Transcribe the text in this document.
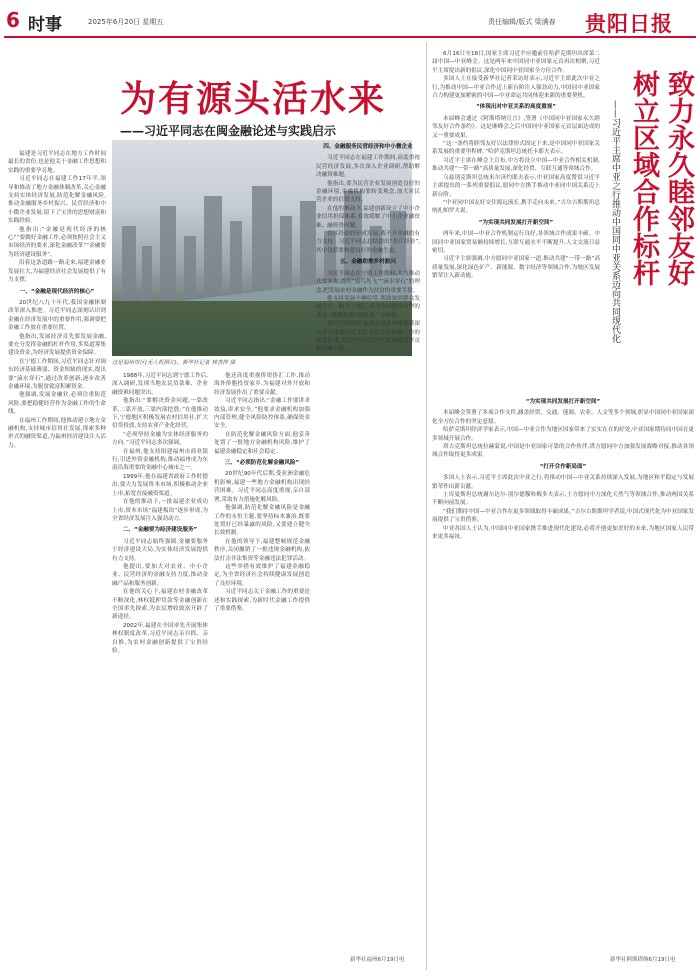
6 时事	2025年6月20日 星期五	责任编辑/版式 梁满春 贵阳日报
为有源头活水来
——习近平同志在闽金融论述与实践启示
这是福州市区(无人机照片)。新华社记者 林善传 摄

福建是习近平同志在地方工作时间最长的省份,也是他关于金融工作思想和实践的重要孕育地。

习近平同志在福建工作17年半,领导和推动了地方金融体制改革,关心金融支持实体经济发展,防范化解金融风险,推动金融服务乡村振兴、民营经济和中小微企业发展,留下了宝贵的思想财富和实践经验。

他指出:“金融是现代经济的核心”“要做好金融工作,必须按照社会主义市场经济的要求,深化金融改革”“金融要为经济建设服务”。

沿着这条道路一路走来,福建金融业发展壮大,为福建经济社会发展提供了有力支撑。

一、“金融是现代经济的核心”

20世纪八九十年代,我国金融体制改革深入推进。习近平同志深刻认识到金融在经济发展中的重要作用,强调要把金融工作放在重要位置。

他指出,发展经济首先要发展金融,要充分发挥金融的杠杆作用,多渠道筹集建设资金,为经济发展提供资金保障。

在宁德工作期间,习近平同志针对闽东经济基础薄弱、资金短缺的现实,提出要“滴水穿石”,通过改革创新,逐步改善金融环境,为脱贫致富积累资金。

他强调,发展金融业,必须注重防范风险,要把稳健经营作为金融工作的生命线。

在福州工作期间,他推动建立地方金融机构,支持城市信用社发展,探索多种形式的融资渠道,为福州经济建设注入活力。

1988年,习近平同志到宁德工作后,深入调研,发现当地农民贷款难、企业融资难问题突出。

他指出:“要解决资金问题,一靠改革,二靠开放,三靠内部挖潜。”在他推动下,宁德地区积极发展农村信用社,扩大信贷投放,支持农业产业化经营。

“必须坚持金融为实体经济服务的方向。”习近平同志多次强调。

在福州,他支持组建福州市商业银行,引进外资金融机构,推动福州成为东南沿海重要的金融中心城市之一。

1999年,他在福建省政府工作时提出,要大力发展资本市场,积极推动企业上市,拓宽直接融资渠道。

在他的推动下,一批福建企业成功上市,资本市场“福建板块”逐步形成,为全省经济发展注入强劲动力。

二、“金融要为经济建设服务”

习近平同志始终强调,金融要服务于经济建设大局,为实体经济发展提供有力支持。

他提出,要加大对农业、中小企业、民营经济的金融支持力度,推动金融产品和服务创新。

在他的关心下,福建农村金融改革不断深化,林权抵押贷款等金融创新在全国率先探索,为农民增收致富开辟了新途径。

2002年,福建在全国率先开展集体林权制度改革,习近平同志亲自抓、亲自推,为农村金融创新提供了宝贵经验。

他还高度重视侨资侨汇工作,推动海外侨胞投资家乡,为福建对外开放和经济发展作出了重要贡献。

习近平同志指出:“金融工作要讲求效益,讲求安全。”他要求金融机构加强内部管理,健全风险防控体系,确保资金安全。

在防范化解金融风险方面,他妥善处置了一批地方金融机构风险,维护了福建金融稳定和社会稳定。

三、“必须防范化解金融风险”

20世纪90年代后期,受亚洲金融危机影响,福建一些地方金融机构出现经营困难。习近平同志高度重视,亲自部署,采取有力措施化解风险。

他强调,防范化解金融风险是金融工作的永恒主题,要坚持标本兼治,既要处置好已经暴露的风险,又要建立健全长效机制。

在他的领导下,福建整顿规范金融秩序,关闭撤销了一批违规金融机构,依法打击非法集资等金融违法犯罪活动。

这些举措有效维护了福建金融稳定,为全省经济社会持续健康发展创造了良好环境。

习近平同志关于金融工作的重要论述和实践探索,为新时代金融工作提供了重要借鉴。

四、金融服务民营经济和中小微企业

习近平同志在福建工作期间,高度重视民营经济发展,多次深入企业调研,帮助解决融资难题。

他指出,要为民营企业发展创造良好的金融环境,金融机构要转变观念,加大对民营企业的信贷支持。

在他的推动下,福建创新设立了中小企业信用担保体系,有效缓解了中小企业融资难、融资贵问题。

晋江经验的形成发展,离不开金融的有力支持。习近平同志总结提出“晋江经验”,其中包括要构建良好的金融生态。

五、金融助推乡村振兴

习近平同志在宁德工作期间,大力推动扶贫开发,提出“弱鸟先飞”“滴水穿石”的理念,把发展农村金融作为扶贫的重要手段。

他支持发展小额信贷,帮助贫困群众发展生产。如今,宁德已成为全国脱贫攻坚的典范,“摆脱贫困”的故事广为传颂。

新时代新征程,福建金融系统将继续深入学习贯彻习近平总书记关于金融工作的重要论述,为谱写中国式现代化福建篇章贡献金融力量。

新华社福州6月19日电
致力永久睦邻友好
树立区域合作标杆
——习近平主席中亚之行推动中国同中亚关系迈向共同现代化

6月16日至18日,国家主席习近平应邀前往哈萨克斯坦出席第二届中国—中亚峰会。这是两年来中国同中亚国家元首再次相聚,习近平主席提出新的倡议,深化中国同中亚国家全方位合作。

多国人士在接受新华社记者采访时表示,习近平主席此次中亚之行,为推动中国—中亚合作迈上新台阶注入强劲动力,中国同中亚国家合力构建更加紧密的中国—中亚命运共同体迎来新的重要契机。

“体现出对中亚关系的高度重视”

本届峰会通过《阿斯塔纳宣言》,签署《中国同中亚国家永久睦邻友好合作条约》。这是继峰会之后中国同中亚国家元首层面达成的又一重要成果。

“这一条约将睦邻友好以法律形式固定下来,是中国同中亚国家关系发展的重要里程碑。”哈萨克斯坦总统托卡耶夫表示。

习近平主席在峰会上宣布,中方将设立中国—中亚合作相关机制,推动共建“一带一路”高质量发展,深化经贸、互联互通等领域合作。

乌兹别克斯坦总统米尔济约耶夫表示,中亚国家高度赞赏习近平主席提出的一系列重要倡议,愿同中方携手推动中亚同中国关系迈上新台阶。

“中亚同中国友好交往源远流长,携手走向未来。”吉尔吉斯斯坦总统扎帕罗夫说。

“为实现共同发展打开新空间”

两年来,中国—中亚合作机制运行良好,各领域合作成果丰硕。中国同中亚国家贸易额持续增长,互联互通水平不断提升,人文交流日益密切。

习近平主席强调,中方愿同中亚国家一道,推动共建“一带一路”高质量发展,深化绿色矿产、新能源、数字经济等领域合作,为地区发展繁荣注入新动能。

“为实现共同发展打开新空间”

本届峰会签署了多项合作文件,涵盖经贸、交通、能源、农业、人文等多个领域,彰显中国同中亚国家深化全方位合作的坚定意愿。

哈萨克斯坦经济学家表示,中国—中亚合作为地区国家带来了实实在在的好处,中亚国家期待同中国在更多领域开展合作。

塔吉克斯坦总统拉赫蒙说,中国是中亚国家可靠的合作伙伴,塔方愿同中方加强发展战略对接,推动各领域合作取得更多成果。

“打开合作新局面”

多国人士表示,习近平主席此次中亚之行,将推动中国—中亚关系持续深入发展,为地区和平稳定与发展繁荣作出新贡献。

土库曼斯坦总统谢尔达尔·别尔德穆哈梅多夫表示,土方愿同中方深化天然气等领域合作,推动两国关系不断向前发展。

“我们期待中国—中亚合作在更多领域取得丰硕成果。”吉尔吉斯斯坦学者说,中国式现代化为中亚国家发展提供了宝贵借鉴。

中亚各国人士认为,中国同中亚国家携手推进现代化建设,必将开创更加美好的未来,为地区国家人民带来更多福祉。

新华社阿斯塔纳6月19日电
